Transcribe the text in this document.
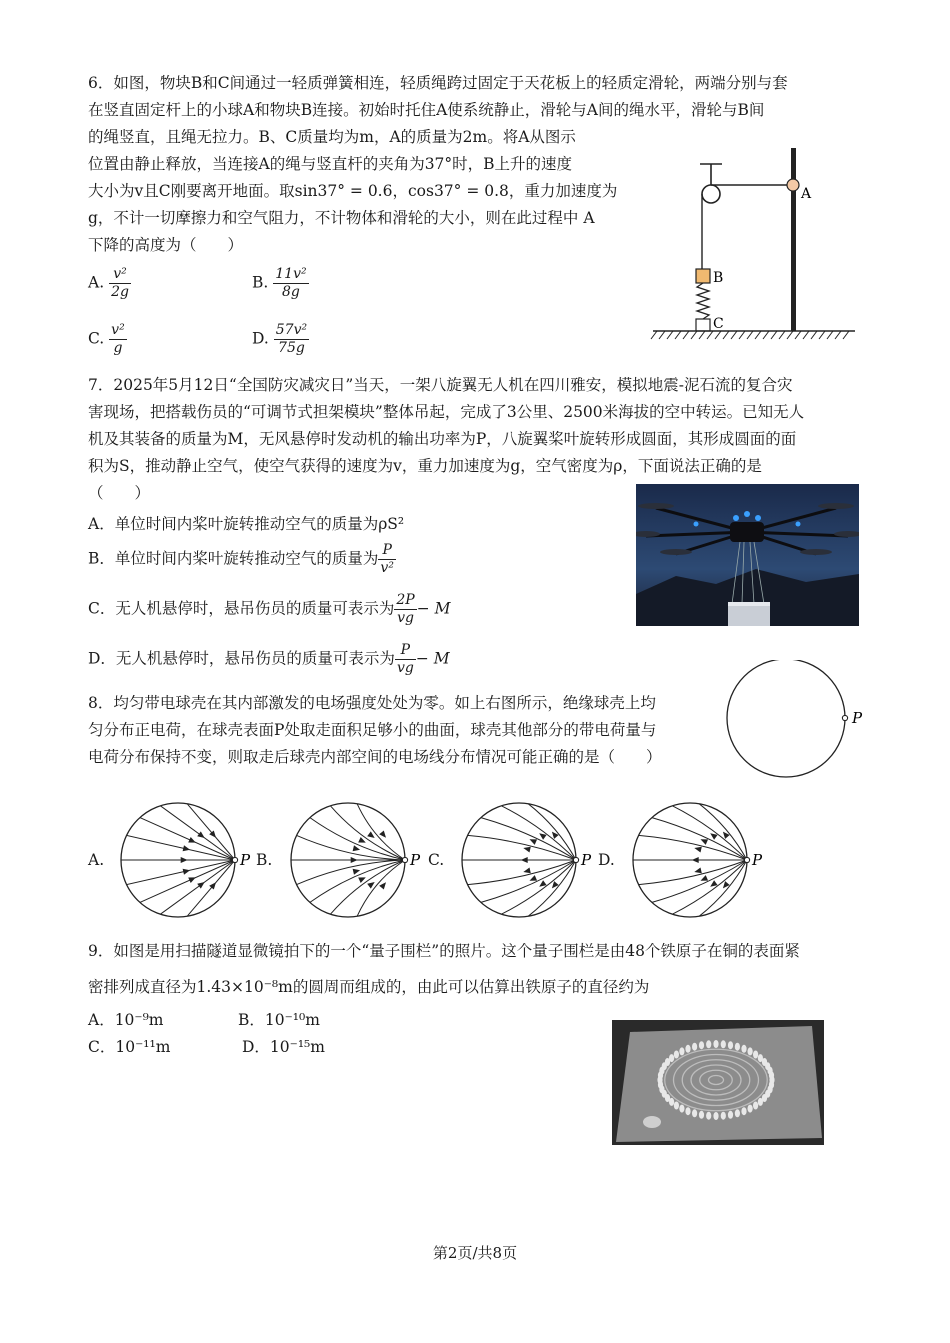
6．如图，物块B和C间通过一轻质弹簧相连，轻质绳跨过固定于天花板上的轻质定滑轮，两端分别与套
在竖直固定杆上的小球A和物块B连接。初始时托住A使系统静止，滑轮与A间的绳水平，滑轮与B间
的绳竖直，且绳无拉力。B、C质量均为m，A的质量为2m。将A从图示
位置由静止释放，当连接A的绳与竖直杆的夹角为37°时，B上升的速度
大小为v且C刚要离开地面。取sin37° = 0.6，cos37° = 0.8，重力加速度为
g，不计一切摩擦力和空气阻力，不计物体和滑轮的大小，则在此过程中 A
下降的高度为（　　）
A. $\frac{\text{v²}}{2g}$	B. $\frac{\text{11v²}}{8g}$
C. $\frac{\text{v²}}{g}$	D. $\frac{\text{57v²}}{75g}$
A
B
C
7．2025年5月12日“全国防灾减灾日”当天，一架八旋翼无人机在四川雅安，模拟地震-泥石流的复合灾
害现场，把搭载伤员的“可调节式担架模块”整体吊起，完成了3公里、2500米海拔的空中转运。已知无人
机及其装备的质量为M，无风悬停时发动机的输出功率为P，八旋翼桨叶旋转形成圆面，其形成圆面的面
积为S，推动静止空气，使空气获得的速度为v，重力加速度为g，空气密度为ρ，下面说法正确的是
（　　）
A．单位时间内桨叶旋转推动空气的质量为ρS²
B．单位时间内桨叶旋转推动空气的质量为 $\frac{P}{\text{v²}}$
C．无人机悬停时，悬吊伤员的质量可表示为 $\frac{2P}{vg} - M$
D．无人机悬停时，悬吊伤员的质量可表示为 $\frac{P}{vg} - M$
8．均匀带电球壳在其内部激发的电场强度处处为零。如上右图所示，绝缘球壳上均
匀分布正电荷，在球壳表面P处取走面积足够小的曲面，球壳其他部分的带电荷量与
电荷分布保持不变，则取走后球壳内部空间的电场线分布情况可能正确的是（　　）
P
A.	P B.	P C.	P D.	P
9．如图是用扫描隧道显微镜拍下的一个“量子围栏”的照片。这个量子围栏是由48个铁原子在铜的表面紧
密排列成直径为1.43×10⁻⁸m的圆周而组成的，由此可以估算出铁原子的直径约为
A．10⁻⁹m	B．10⁻¹⁰m
C．10⁻¹¹m	D．10⁻¹⁵m
第2页/共8页
